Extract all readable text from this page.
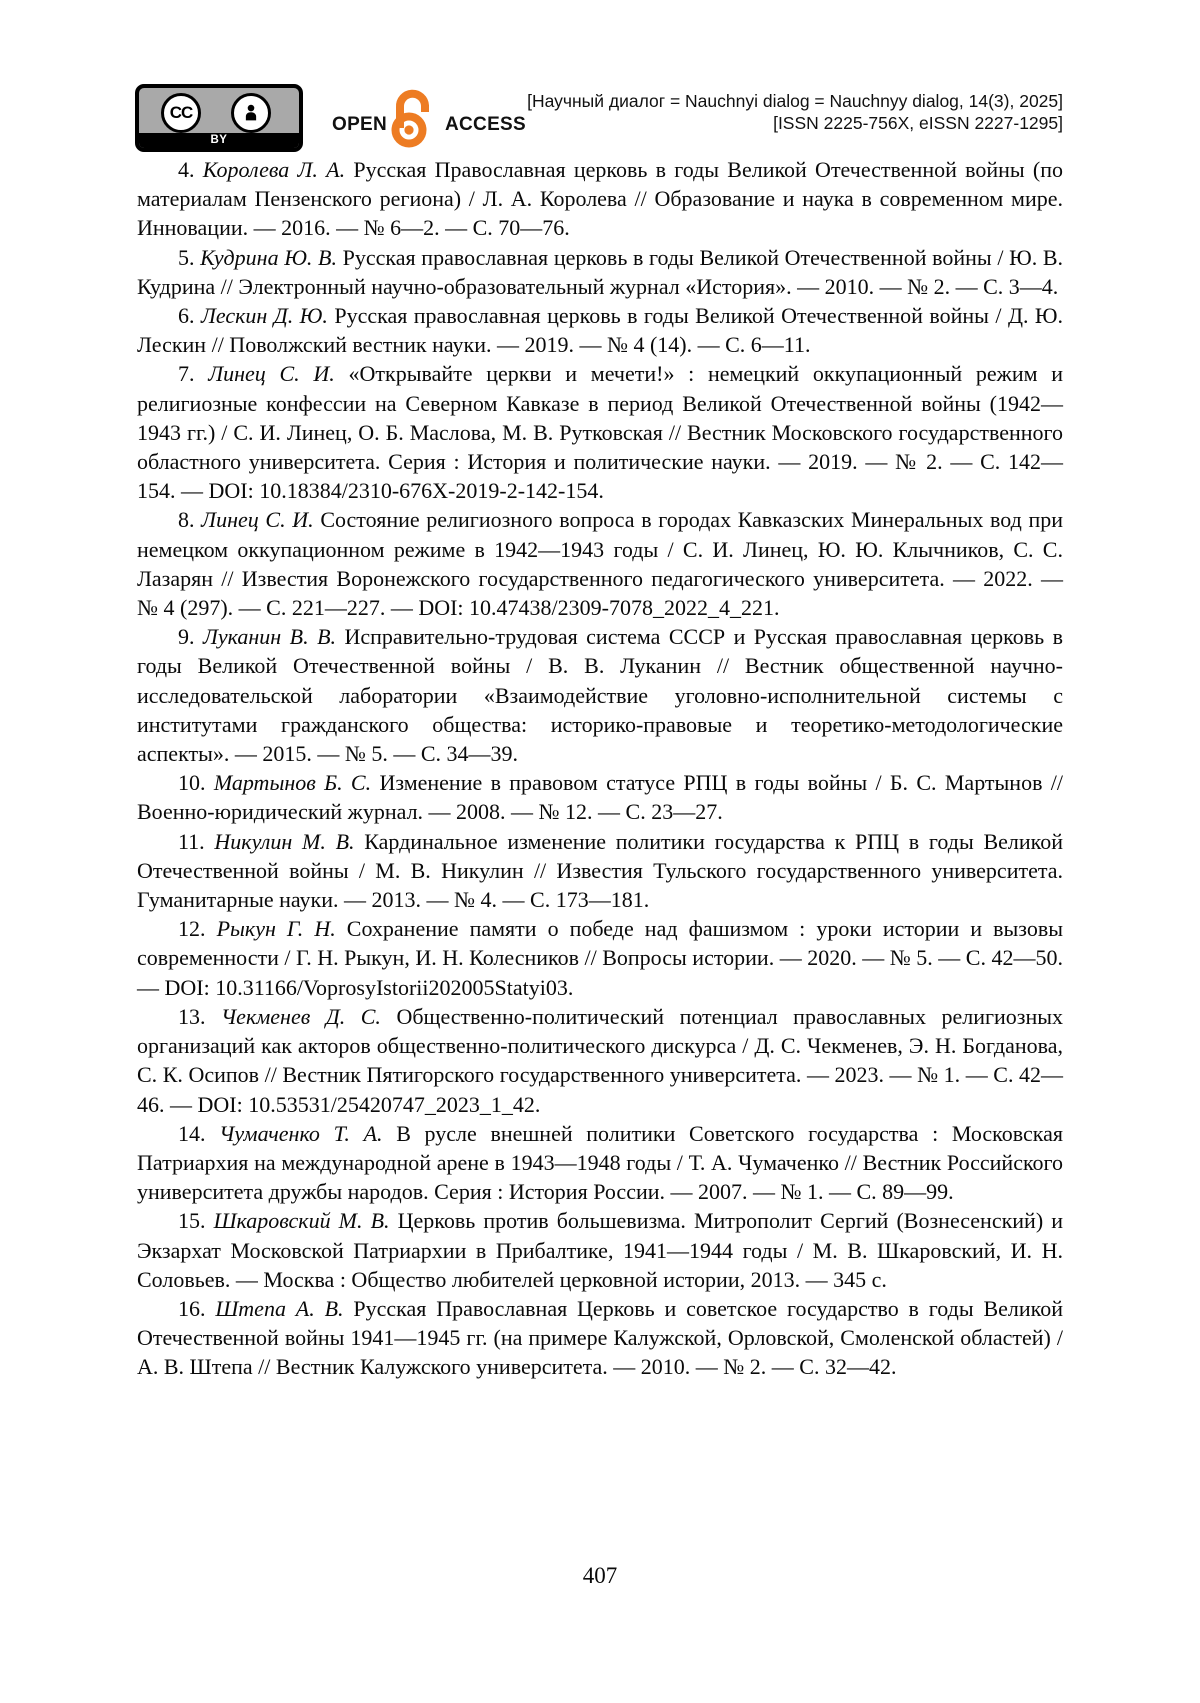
CC
BY
OPEN	ACCESS
[Научный диалог = Nauchnyi dialog = Nauchnyy dialog, 14(3), 2025]
[ISSN 2225-756X, eISSN 2227-1295]

4. Королева Л. А. Русская Православная церковь в годы Великой Отечественной войны (по материалам Пензенского региона) / Л. А. Королева // Образование и наука в современном мире. Инновации. — 2016. — № 6—2. — С. 70—76.

5. Кудрина Ю. В. Русская православная церковь в годы Великой Отечественной войны / Ю. В. Кудрина // Электронный научно-образовательный журнал «История». — 2010. — № 2. — С. 3—4.

6. Лескин Д. Ю. Русская православная церковь в годы Великой Отечественной войны / Д. Ю. Лескин // Поволжский вестник науки. — 2019. — № 4 (14). — С. 6—11.

7. Линец С. И. «Открывайте церкви и мечети!» : немецкий оккупационный режим и религиозные конфессии на Северном Кавказе в период Великой Отечественной войны (1942—1943 гг.) / С. И. Линец, О. Б. Маслова, М. В. Рутковская // Вестник Московского государственного областного университета. Серия : История и политические науки. — 2019. — № 2. — С. 142—154. — DOI: 10.18384/2310-676X-2019-2-142-154.

8. Линец С. И. Состояние религиозного вопроса в городах Кавказских Минеральных вод при немецком оккупационном режиме в 1942—1943 годы / С. И. Линец, Ю. Ю. Клычников, С. С. Лазарян // Известия Воронежского государственного педагогического университета. — 2022. — № 4 (297). — С. 221—227. — DOI: 10.47438/2309-7078_2022_4_221.

9. Луканин В. В. Исправительно-трудовая система СССР и Русская православная церковь в годы Великой Отечественной войны / В. В. Луканин // Вестник общественной научно-исследовательской лаборатории «Взаимодействие уголовно-исполнительной системы с институтами гражданского общества: историко-правовые и теоретико-методологические аспекты». — 2015. — № 5. — С. 34—39.

10. Мартынов Б. С. Изменение в правовом статусе РПЦ в годы войны / Б. С. Мартынов // Военно-юридический журнал. — 2008. — № 12. — С. 23—27.

11. Никулин М. В. Кардинальное изменение политики государства к РПЦ в годы Великой Отечественной войны / М. В. Никулин // Известия Тульского государственного университета. Гуманитарные науки. — 2013. — № 4. — С. 173—181.

12. Рыкун Г. Н. Сохранение памяти о победе над фашизмом : уроки истории и вызовы современности / Г. Н. Рыкун, И. Н. Колесников // Вопросы истории. — 2020. — № 5. — С. 42—50. — DOI: 10.31166/VoprosyIstorii202005Statyi03.

13. Чекменев Д. С. Общественно-политический потенциал православных религиозных организаций как акторов общественно-политического дискурса / Д. С. Чекменев, Э. Н. Богданова, С. К. Осипов // Вестник Пятигорского государственного университета. — 2023. — № 1. — С. 42—46. — DOI: 10.53531/25420747_2023_1_42.

14. Чумаченко Т. А. В русле внешней политики Советского государства : Московская Патриархия на международной арене в 1943—1948 годы / Т. А. Чумаченко // Вестник Российского университета дружбы народов. Серия : История России. — 2007. — № 1. — С. 89—99.

15. Шкаровский М. В. Церковь против большевизма. Митрополит Сергий (Вознесенский) и Экзархат Московской Патриархии в Прибалтике, 1941—1944 годы / М. В. Шкаровский, И. Н. Соловьев. — Москва : Общество любителей церковной истории, 2013. — 345 с.

16. Штепа А. В. Русская Православная Церковь и советское государство в годы Великой Отечественной войны 1941—1945 гг. (на примере Калужской, Орловской, Смоленской областей) / А. В. Штепа // Вестник Калужского университета. — 2010. — № 2. — С. 32—42.

407
